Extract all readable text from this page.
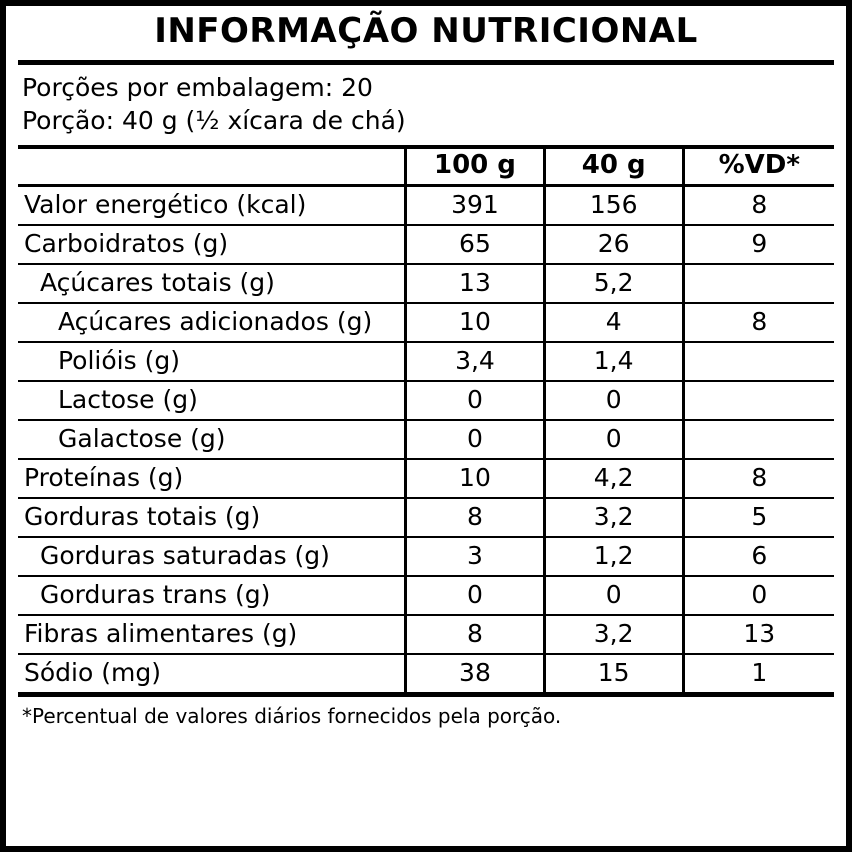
INFORMAÇÃO NUTRICIONAL
Porções por embalagem: 20
Porção: 40 g (½ xícara de chá)
	100 g	40 g	%VD*
Valor energético (kcal)	391	156	8
Carboidratos (g)	65	26	9
Açúcares totais (g)	13	5,2	
Açúcares adicionados (g)	10	4	8
Polióis (g)	3,4	1,4	
Lactose (g)	0	0	
Galactose (g)	0	0	
Proteínas (g)	10	4,2	8
Gorduras totais (g)	8	3,2	5
Gorduras saturadas (g)	3	1,2	6
Gorduras trans (g)	0	0	0
Fibras alimentares (g)	8	3,2	13
Sódio (mg)	38	15	1
*Percentual de valores diários fornecidos pela porção.
